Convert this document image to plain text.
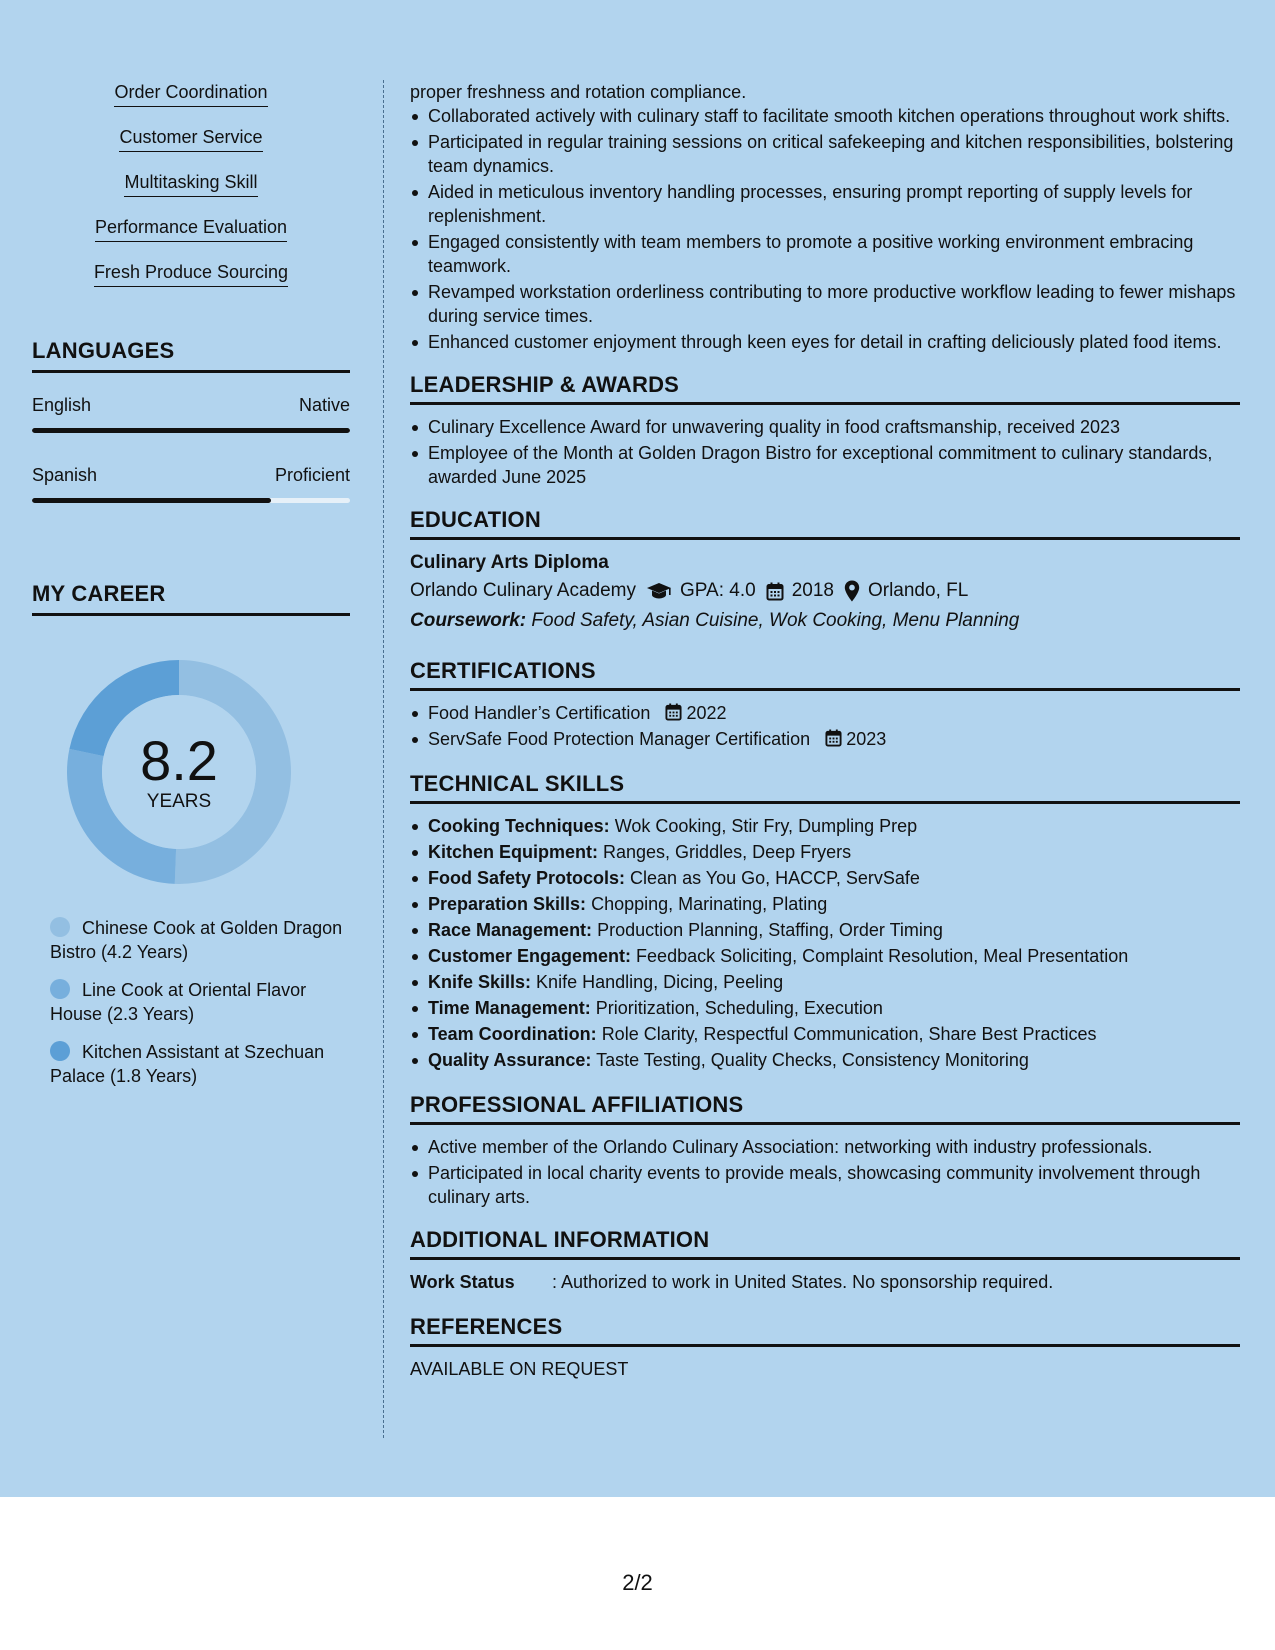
Order Coordination
Customer Service
Multitasking Skill
Performance Evaluation
Fresh Produce Sourcing
LANGUAGES
English	Native
Spanish	Proficient
MY CAREER
8.2
YEARS
Chinese Cook at Golden Dragon Bistro (4.2 Years)
Line Cook at Oriental Flavor House (2.3 Years)
Kitchen Assistant at Szechuan Palace (1.8 Years)
proper freshness and rotation compliance.
Collaborated actively with culinary staff to facilitate smooth kitchen operations throughout work shifts.
Participated in regular training sessions on critical safekeeping and kitchen responsibilities, bolstering team dynamics.
Aided in meticulous inventory handling processes, ensuring prompt reporting of supply levels for replenishment.
Engaged consistently with team members to promote a positive working environment embracing teamwork.
Revamped workstation orderliness contributing to more productive workflow leading to fewer mishaps during service times.
Enhanced customer enjoyment through keen eyes for detail in crafting deliciously plated food items.
LEADERSHIP & AWARDS
Culinary Excellence Award for unwavering quality in food craftsmanship, received 2023
Employee of the Month at Golden Dragon Bistro for exceptional commitment to culinary standards, awarded June 2025
EDUCATION
Culinary Arts Diploma
Orlando Culinary Academy GPA: 4.0 2018 Orlando, FL
Coursework: Food Safety, Asian Cuisine, Wok Cooking, Menu Planning
CERTIFICATIONS
Food Handler’s Certification 2022
ServSafe Food Protection Manager Certification 2023
TECHNICAL SKILLS
Cooking Techniques: Wok Cooking, Stir Fry, Dumpling Prep
Kitchen Equipment: Ranges, Griddles, Deep Fryers
Food Safety Protocols: Clean as You Go, HACCP, ServSafe
Preparation Skills: Chopping, Marinating, Plating
Race Management: Production Planning, Staffing, Order Timing
Customer Engagement: Feedback Soliciting, Complaint Resolution, Meal Presentation
Knife Skills: Knife Handling, Dicing, Peeling
Time Management: Prioritization, Scheduling, Execution
Team Coordination: Role Clarity, Respectful Communication, Share Best Practices
Quality Assurance: Taste Testing, Quality Checks, Consistency Monitoring
PROFESSIONAL AFFILIATIONS
Active member of the Orlando Culinary Association: networking with industry professionals.
Participated in local charity events to provide meals, showcasing community involvement through culinary arts.
ADDITIONAL INFORMATION
Work Status	: Authorized to work in United States. No sponsorship required.
REFERENCES
AVAILABLE ON REQUEST
2/2
